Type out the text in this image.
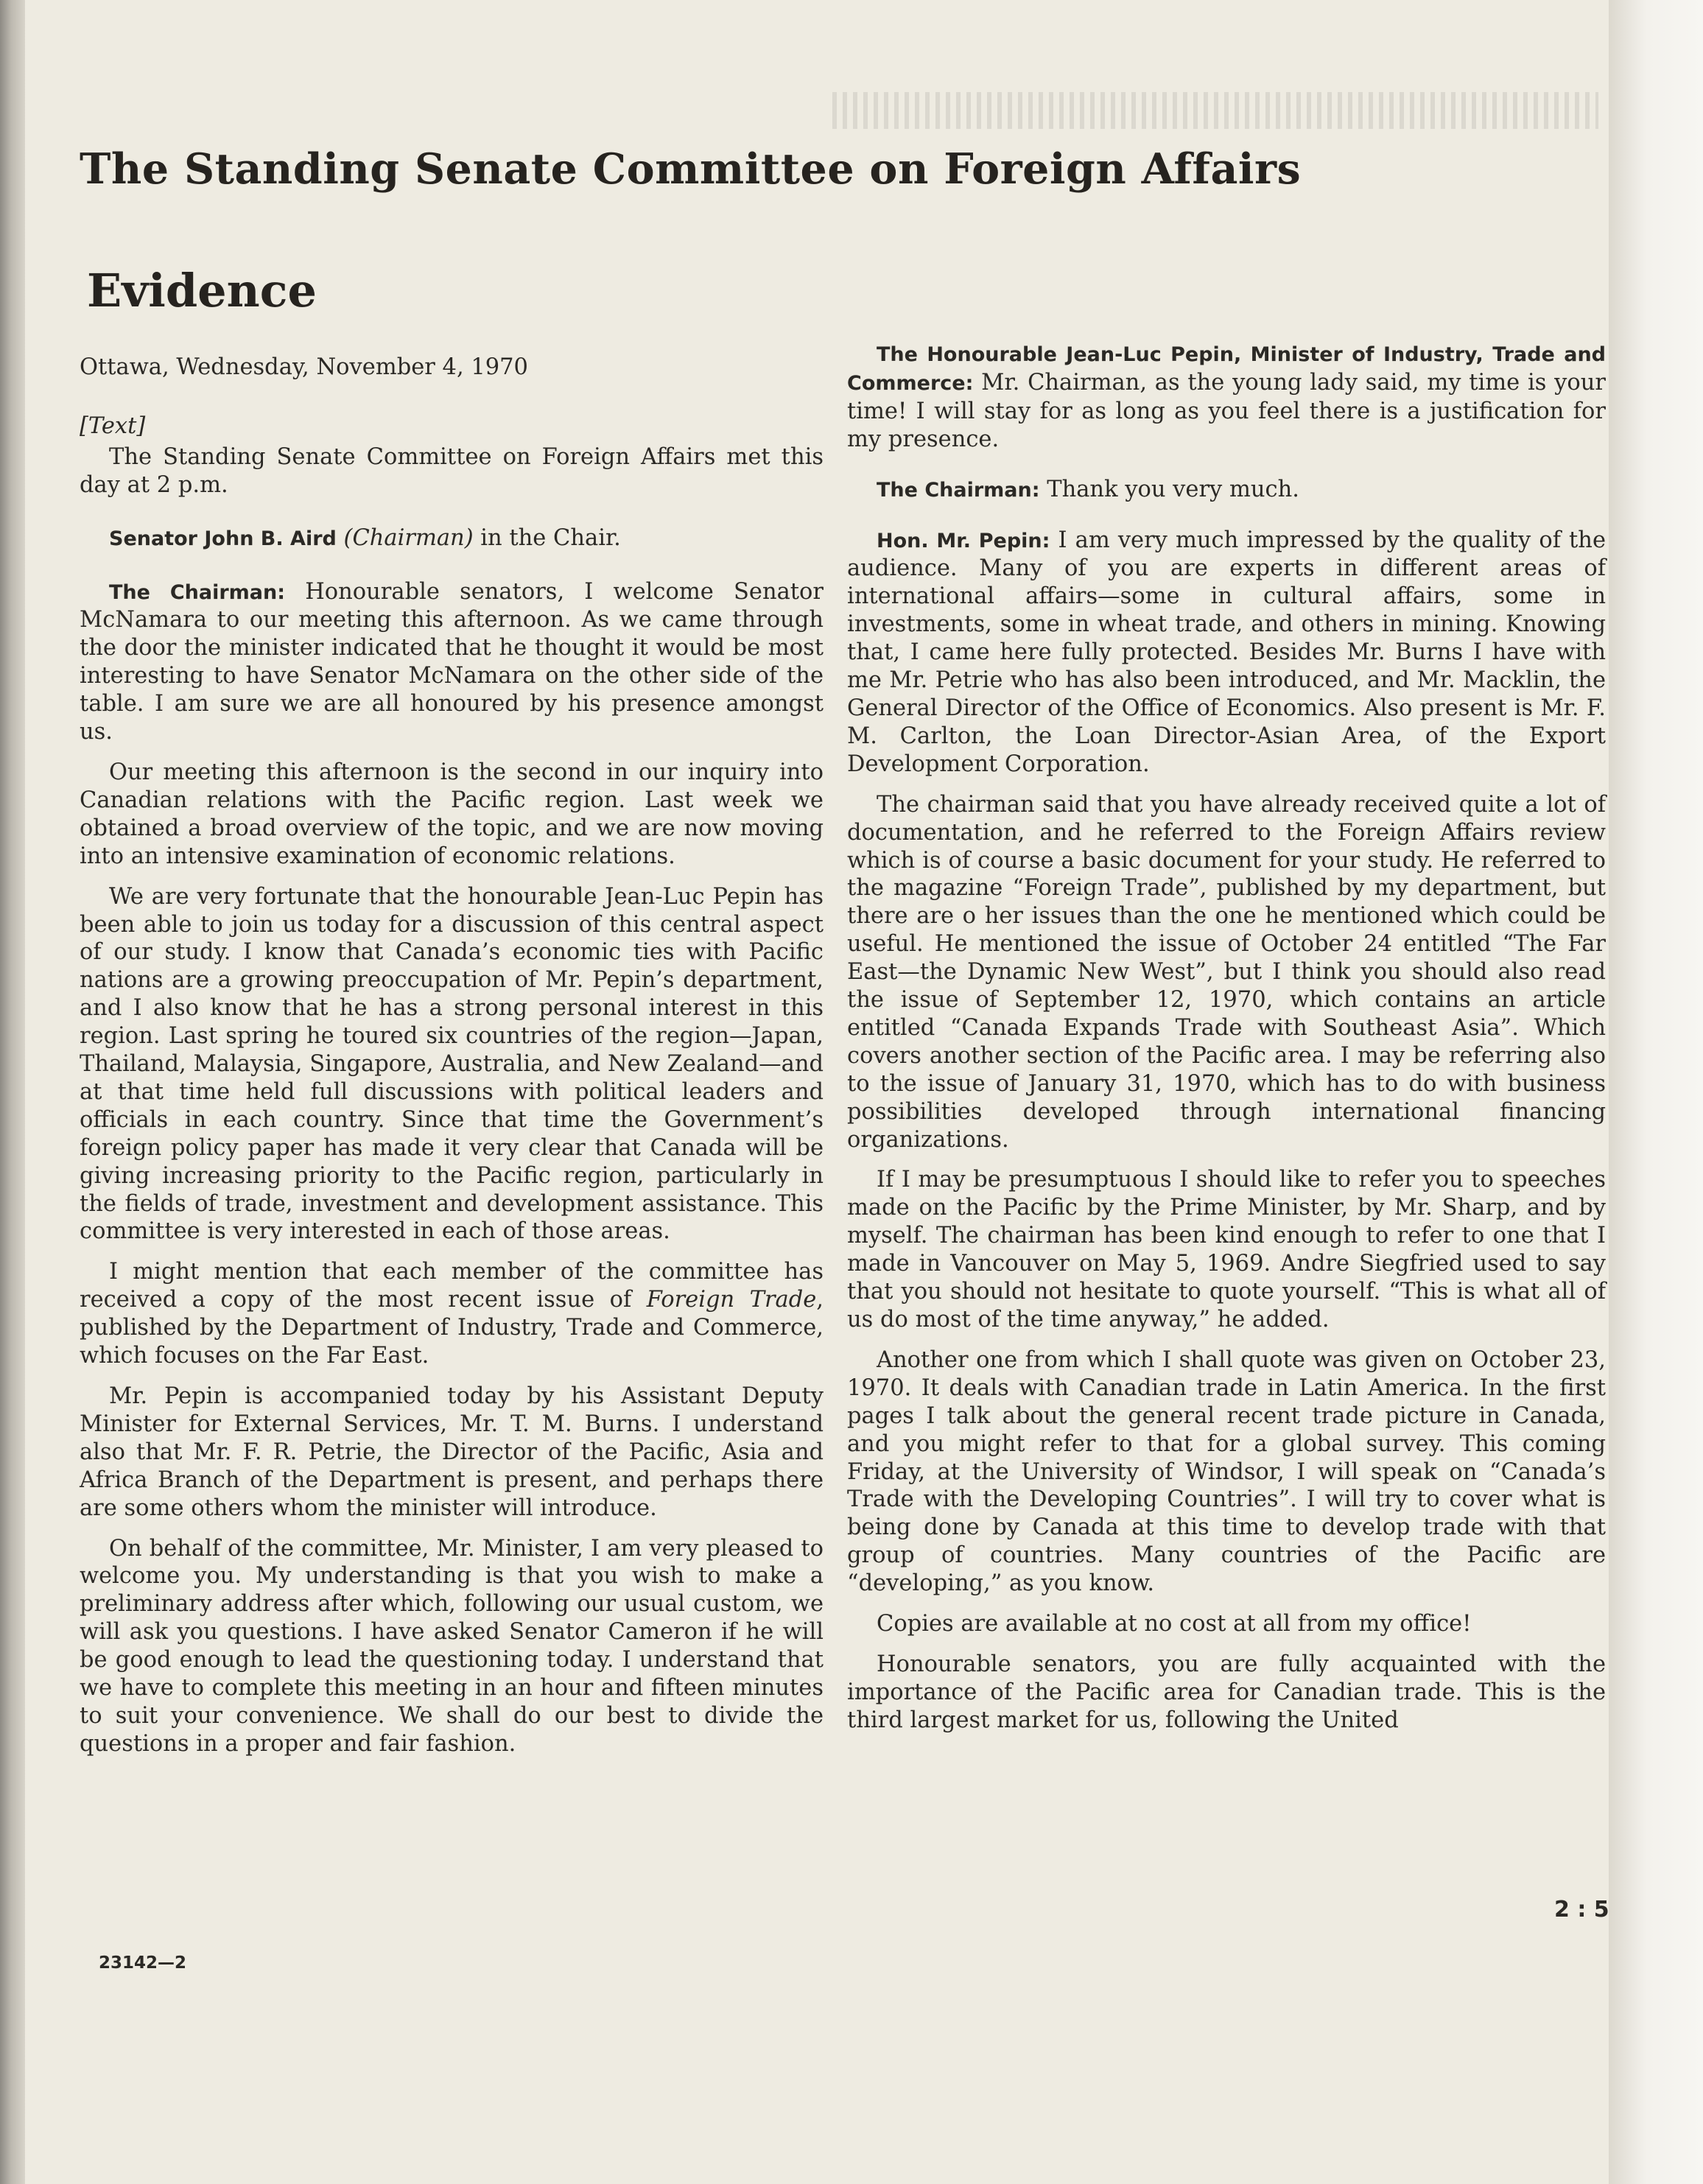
The Standing Senate Committee on Foreign Affairs
Evidence

Ottawa, Wednesday, November 4, 1970

[Text]

The Standing Senate Committee on Foreign Affairs met this day at 2 p.m.

Senator John B. Aird (Chairman) in the Chair.

The Chairman: Honourable senators, I welcome Senator McNamara to our meeting this afternoon. As we came through the door the minister indicated that he thought it would be most interesting to have Senator McNamara on the other side of the table. I am sure we are all honoured by his presence amongst us.

Our meeting this afternoon is the second in our inquiry into Canadian relations with the Pacific region. Last week we obtained a broad overview of the topic, and we are now moving into an intensive examination of economic relations.

We are very fortunate that the honourable Jean-Luc Pepin has been able to join us today for a discussion of this central aspect of our study. I know that Canada’s economic ties with Pacific nations are a growing preoccupation of Mr. Pepin’s department, and I also know that he has a strong personal interest in this region. Last spring he toured six countries of the region—Japan, Thailand, Malaysia, Singapore, Australia, and New Zealand—and at that time held full discussions with political leaders and officials in each country. Since that time the Government’s foreign policy paper has made it very clear that Canada will be giving increasing priority to the Pacific region, particularly in the fields of trade, investment and development assistance. This committee is very interested in each of those areas.

I might mention that each member of the committee has received a copy of the most recent issue of Foreign Trade, published by the Department of Industry, Trade and Commerce, which focuses on the Far East.

Mr. Pepin is accompanied today by his Assistant Deputy Minister for External Services, Mr. T. M. Burns. I understand also that Mr. F. R. Petrie, the Director of the Pacific, Asia and Africa Branch of the Department is present, and perhaps there are some others whom the minister will introduce.

On behalf of the committee, Mr. Minister, I am very pleased to welcome you. My understanding is that you wish to make a preliminary address after which, following our usual custom, we will ask you questions. I have asked Senator Cameron if he will be good enough to lead the questioning today. I understand that we have to complete this meeting in an hour and fifteen minutes to suit your convenience. We shall do our best to divide the questions in a proper and fair fashion.

The Honourable Jean-Luc Pepin, Minister of Industry, Trade and Commerce: Mr. Chairman, as the young lady said, my time is your time! I will stay for as long as you feel there is a justification for my presence.

The Chairman: Thank you very much.

Hon. Mr. Pepin: I am very much impressed by the quality of the audience. Many of you are experts in different areas of international affairs—some in cultural affairs, some in investments, some in wheat trade, and others in mining. Knowing that, I came here fully protected. Besides Mr. Burns I have with me Mr. Petrie who has also been introduced, and Mr. Macklin, the General Director of the Office of Economics. Also present is Mr. F. M. Carlton, the Loan Director-Asian Area, of the Export Development Corporation.

The chairman said that you have already received quite a lot of documentation, and he referred to the Foreign Affairs review which is of course a basic document for your study. He referred to the magazine “Foreign Trade”, published by my department, but there are o her issues than the one he mentioned which could be useful. He mentioned the issue of October 24 entitled “The Far East—the Dynamic New West”, but I think you should also read the issue of September 12, 1970, which contains an article entitled “Canada Expands Trade with Southeast Asia”. Which covers another section of the Pacific area. I may be referring also to the issue of January 31, 1970, which has to do with business possibilities developed through international financing organizations.

If I may be presumptuous I should like to refer you to speeches made on the Pacific by the Prime Minister, by Mr. Sharp, and by myself. The chairman has been kind enough to refer to one that I made in Vancouver on May 5, 1969. Andre Siegfried used to say that you should not hesitate to quote yourself. “This is what all of us do most of the time anyway,” he added.

Another one from which I shall quote was given on October 23, 1970. It deals with Canadian trade in Latin America. In the first pages I talk about the general recent trade picture in Canada, and you might refer to that for a global survey. This coming Friday, at the University of Windsor, I will speak on “Canada’s Trade with the Developing Countries”. I will try to cover what is being done by Canada at this time to develop trade with that group of countries. Many countries of the Pacific are “developing,” as you know.

Copies are available at no cost at all from my office!

Honourable senators, you are fully acquainted with the importance of the Pacific area for Canadian trade. This is the third largest market for us, following the United

2 : 5
23142—2
